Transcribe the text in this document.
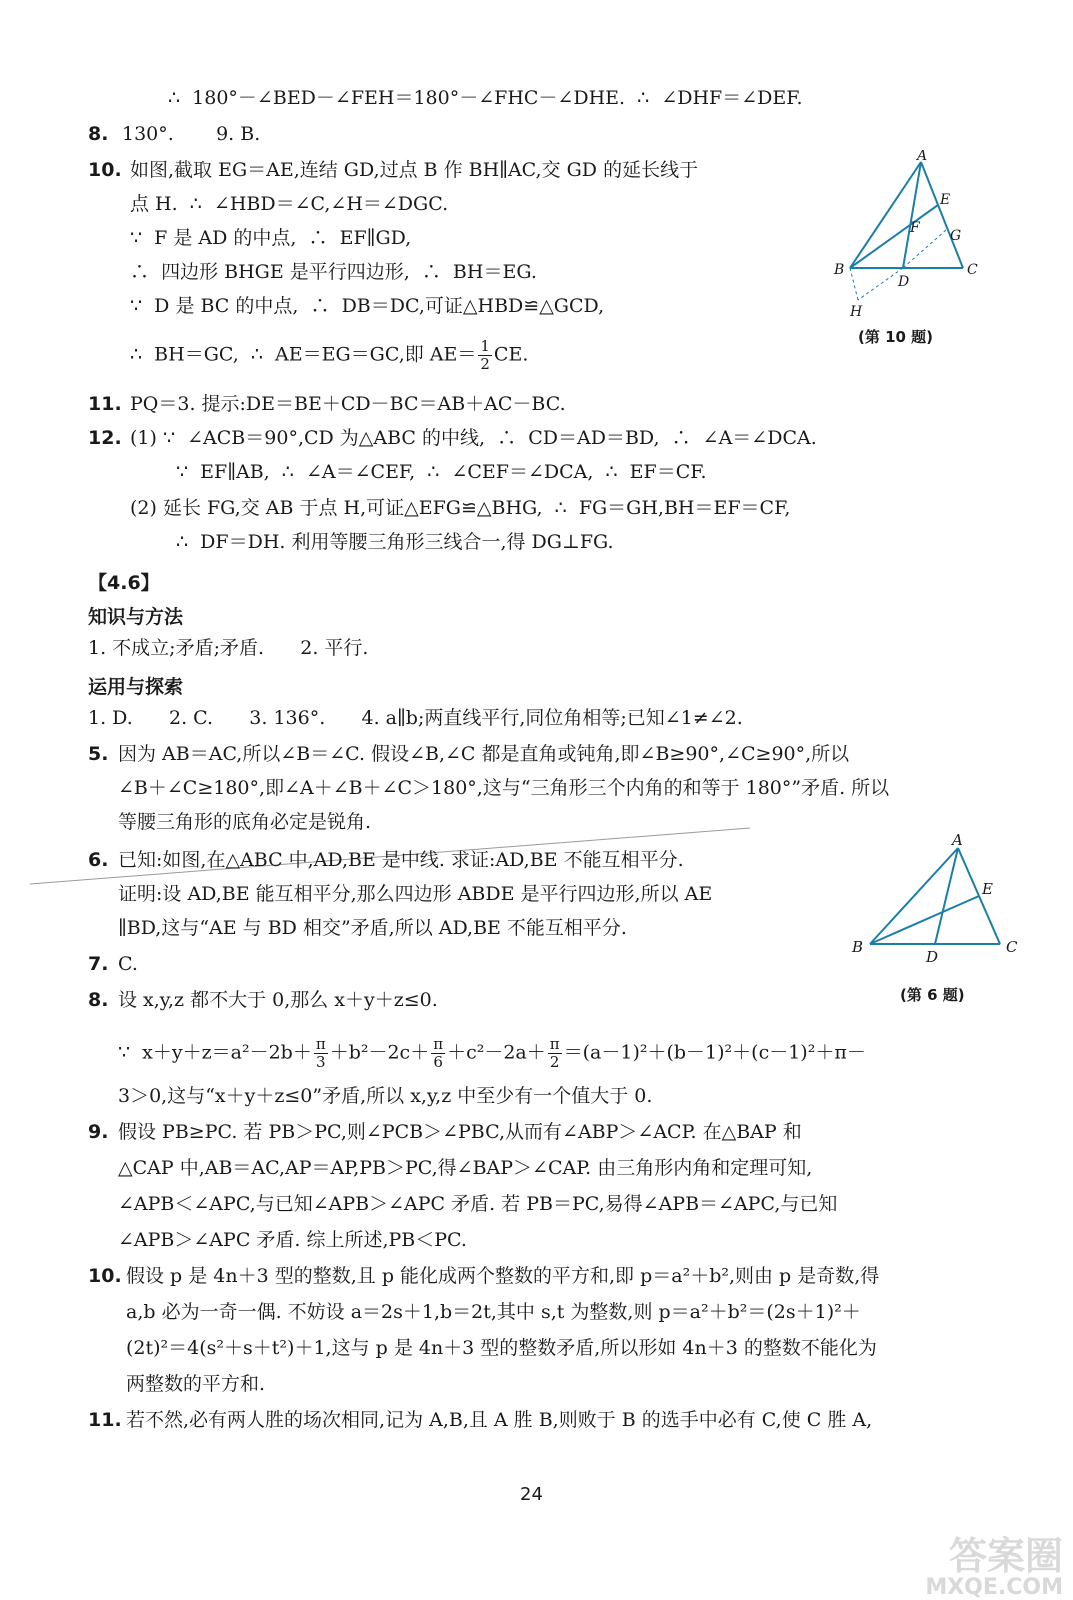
∴  180°－∠BED－∠FEH＝180°－∠FHC－∠DHE.  ∴  ∠DHF＝∠DEF.
8. 130°.       9. B.
10. 如图,截取 EG＝AE,连结 GD,过点 B 作 BH∥AC,交 GD 的延长线于
点 H.  ∴  ∠HBD＝∠C,∠H＝∠DGC.
∵  F 是 AD 的中点,  ∴  EF∥GD,
∴  四边形 BHGE 是平行四边形,  ∴  BH＝EG.
∵  D 是 BC 的中点,  ∴  DB＝DC,可证△HBD≌△GCD,
∴  BH＝GC,  ∴  AE＝EG＝GC,即 $AE= \frac{1}{2}$ CE.
A
B	C
D
E
F G
H
(第 10 题)
11. PQ＝3. 提示:DE＝BE＋CD－BC＝AB＋AC－BC.
12. (1) ∵  ∠ACB＝90°,CD 为△ABC 的中线,  ∴  CD＝AD＝BD,  ∴  ∠A＝∠DCA.
∵  EF∥AB,  ∴  ∠A＝∠CEF,  ∴  ∠CEF＝∠DCA,  ∴  EF＝CF.
(2) 延长 FG,交 AB 于点 H,可证△EFG≌△BHG,  ∴  FG＝GH,BH＝EF＝CF,
∴  DF＝DH. 利用等腰三角形三线合一,得 DG⊥FG.
【4.6】
知识与方法
1. 不成立;矛盾;矛盾.      2. 平行.
运用与探索
1. D.      2. C.      3. 136°.      4. a∥b;两直线平行,同位角相等;已知∠1≠∠2.
5. 因为 AB＝AC,所以∠B＝∠C. 假设∠B,∠C 都是直角或钝角,即∠B≥90°,∠C≥90°,所以
∠B＋∠C≥180°,即∠A＋∠B＋∠C＞180°,这与“三角形三个内角的和等于 180°”矛盾. 所以
等腰三角形的底角必定是锐角.
6. 已知:如图,在△ABC 中,AD,BE 是中线. 求证:AD,BE 不能互相平分.
证明:设 AD,BE 能互相平分,那么四边形 ABDE 是平行四边形,所以 AE
∥BD,这与“AE 与 BD 相交”矛盾,所以 AD,BE 不能互相平分.
A
B	C
D
E
(第 6 题)
7. C.
8. 设 x,y,z 都不大于 0,那么 x＋y＋z≤0.
∵  $x+y+z=a^2-2b+ \frac{\pi}{3} +b^2-2c+ \frac{\pi}{6} +c^2-2a+ \frac{\pi}{2} =(a-1)^2+(b-1)^2+(c-1)^2+\pi-$
3＞0,这与“x＋y＋z≤0”矛盾,所以 x,y,z 中至少有一个值大于 0.
9. 假设 PB≥PC. 若 PB＞PC,则∠PCB＞∠PBC,从而有∠ABP＞∠ACP. 在△BAP 和
△CAP 中,AB＝AC,AP＝AP,PB＞PC,得∠BAP＞∠CAP. 由三角形内角和定理可知,
∠APB＜∠APC,与已知∠APB＞∠APC 矛盾. 若 PB＝PC,易得∠APB＝∠APC,与已知
∠APB＞∠APC 矛盾. 综上所述,PB＜PC.
10. 假设 p 是 4n＋3 型的整数,且 p 能化成两个整数的平方和,即 p＝a²＋b²,则由 p 是奇数,得
a,b 必为一奇一偶. 不妨设 a＝2s＋1,b＝2t,其中 s,t 为整数,则 p＝a²＋b²＝(2s＋1)²＋
(2t)²＝4(s²＋s＋t²)＋1,这与 p 是 4n＋3 型的整数矛盾,所以形如 4n＋3 的整数不能化为
两整数的平方和.
11. 若不然,必有两人胜的场次相同,记为 A,B,且 A 胜 B,则败于 B 的选手中必有 C,使 C 胜 A,
24
答案圈
MXQE.COM
